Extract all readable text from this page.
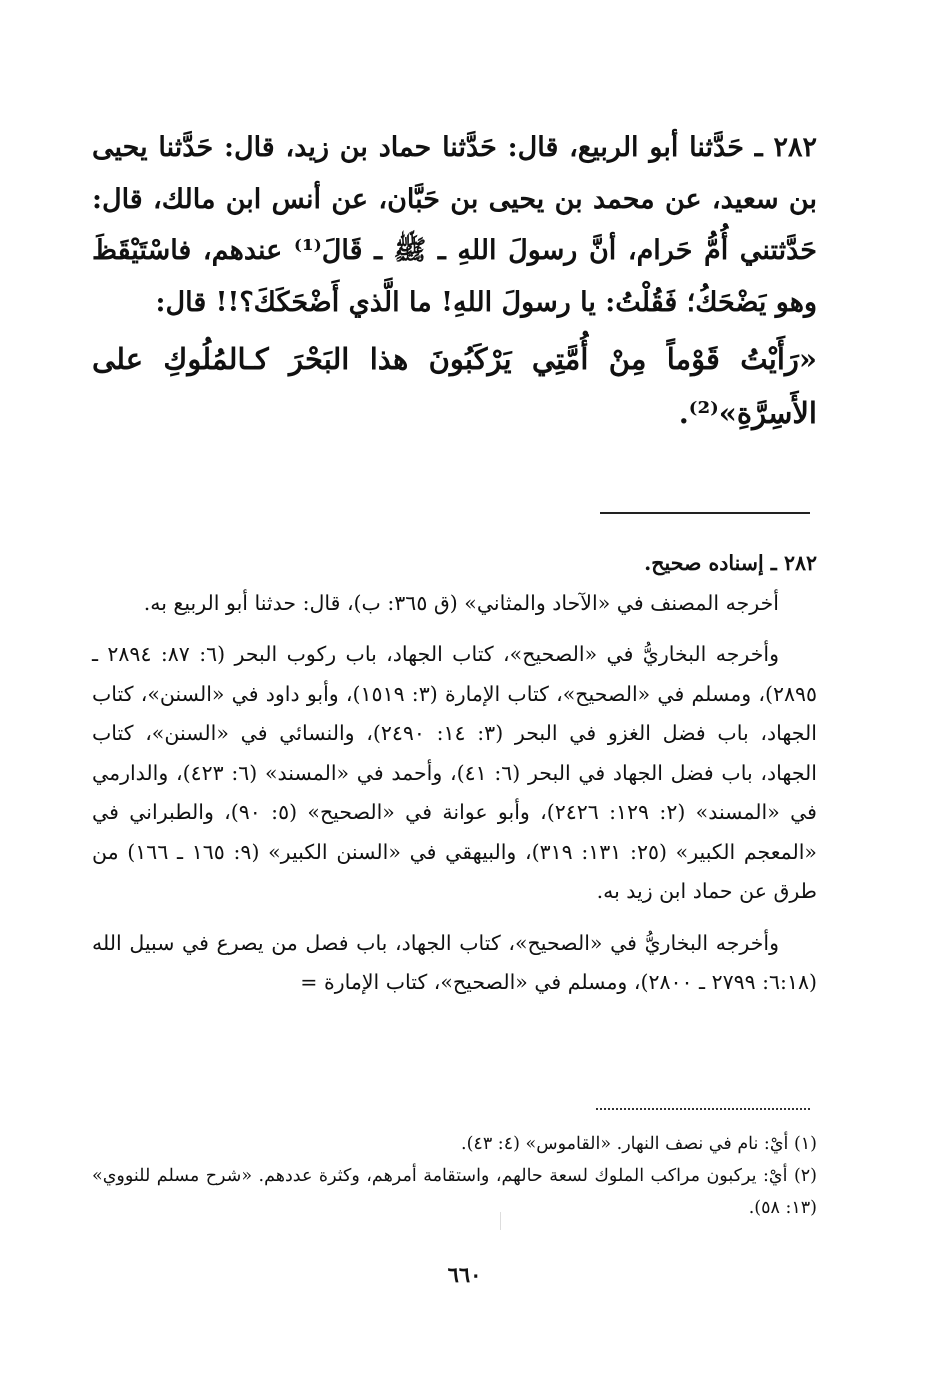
٢٨٢ ـ حَدَّثنا أبو الربيع، قال: حَدَّثنا حماد بن زيد، قال: حَدَّثنا يحيى بن سعيد، عن محمد بن يحيى بن حَبَّان، عن أنس ابن مالك، قال: حَدَّثتني أُمُّ حَرام، أنَّ رسولَ اللهِ ـ ﷺ ـ قَالَ⁽¹⁾ عندهم، فاسْتَيْقَظَ وهو يَضْحَكُ؛ فَقُلْتُ: يا رسولَ اللهِ! ما الَّذي أَضْحَكَكَ؟!! قال:

«رَأَيْتُ قَوْماً مِنْ أُمَّتِي يَرْكَبُونَ هذا البَحْرَ كـالمُلُوكِ على الأَسِرَّةِ»⁽²⁾.

٢٨٢ ـ إسناده صحيح.

أخرجه المصنف في «الآحاد والمثاني» (ق ٣٦٥: ب)، قال: حدثنا أبو الربيع به.

وأخرجه البخاريُّ في «الصحيح»، كتاب الجهاد، باب ركوب البحر (٦: ٨٧: ٢٨٩٤ ـ ٢٨٩٥)، ومسلم في «الصحيح»، كتاب الإمارة (٣: ١٥١٩)، وأبو داود في «السنن»، كتاب الجهاد، باب فضل الغزو في البحر (٣: ١٤: ٢٤٩٠)، والنسائي في «السنن»، كتاب الجهاد، باب فضل الجهاد في البحر (٦: ٤١)، وأحمد في «المسند» (٦: ٤٢٣)، والدارمي في «المسند» (٢: ١٢٩: ٢٤٢٦)، وأبو عوانة في «الصحيح» (٥: ٩٠)، والطبراني في «المعجم الكبير» (٢٥: ١٣١: ٣١٩)، والبيهقي في «السنن الكبير» (٩: ١٦٥ ـ ١٦٦) من طرق عن حماد ابن زيد به.

وأخرجه البخاريُّ في «الصحيح»، كتاب الجهاد، باب فصل من يصرع في سبيل الله (٦:١٨: ٢٧٩٩ ـ ٢٨٠٠)، ومسلم في «الصحيح»، كتاب الإمارة =

(١) أيْ: نام في نصف النهار. «القاموس» (٤: ٤٣).

(٢) أيْ: يركبون مراكب الملوك لسعة حالهم، واستقامة أمرهم، وكثرة عددهم. «شرح مسلم للنووي» (١٣: ٥٨).

٦٦٠
